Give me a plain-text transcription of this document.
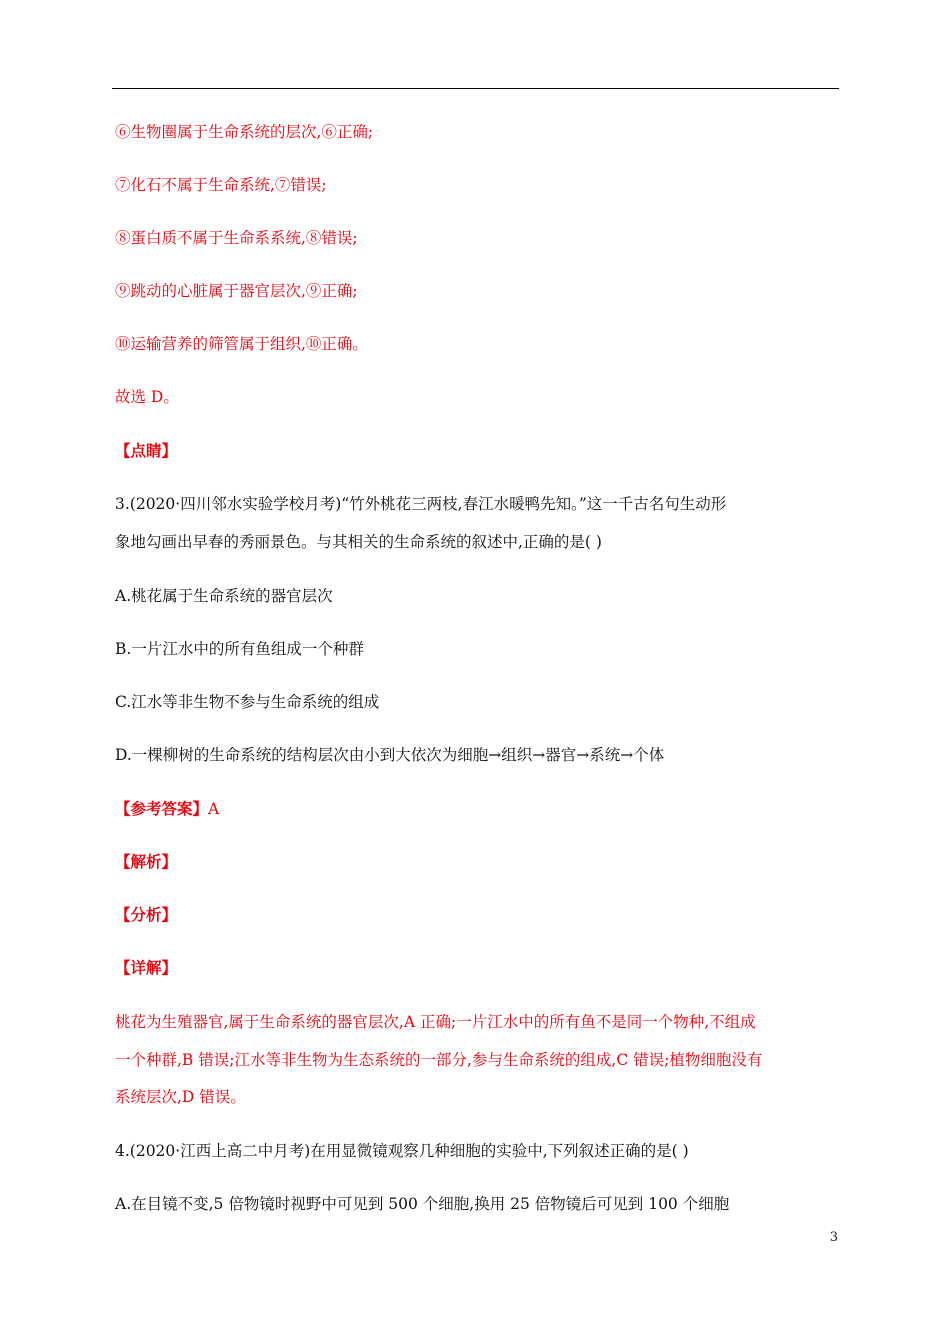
⑥生物圈属于生命系统的层次,⑥正确;
⑦化石不属于生命系统,⑦错误;
⑧蛋白质不属于生命系系统,⑧错误;
⑨跳动的心脏属于器官层次,⑨正确;
⑩运输营养的筛管属于组织,⑩正确。
故选 D。
【点睛】
3.(2020·四川邻水实验学校月考)“竹外桃花三两枝,春江水暖鸭先知。”这一千古名句生动形
象地勾画出早春的秀丽景色。与其相关的生命系统的叙述中,正确的是( )
A.桃花属于生命系统的器官层次
B.一片江水中的所有鱼组成一个种群
C.江水等非生物不参与生命系统的组成
D.一棵柳树的生命系统的结构层次由小到大依次为细胞→组织→器官→系统→个体
【参考答案】A
【解析】
【分析】
【详解】
桃花为生殖器官,属于生命系统的器官层次,A 正确;一片江水中的所有鱼不是同一个物种,不组成
一个种群,B 错误;江水等非生物为生态系统的一部分,参与生命系统的组成,C 错误;植物细胞没有
系统层次,D 错误。
4.(2020·江西上高二中月考)在用显微镜观察几种细胞的实验中,下列叙述正确的是( )
A.在目镜不变,5 倍物镜时视野中可见到 500 个细胞,换用 25 倍物镜后可见到 100 个细胞
3
